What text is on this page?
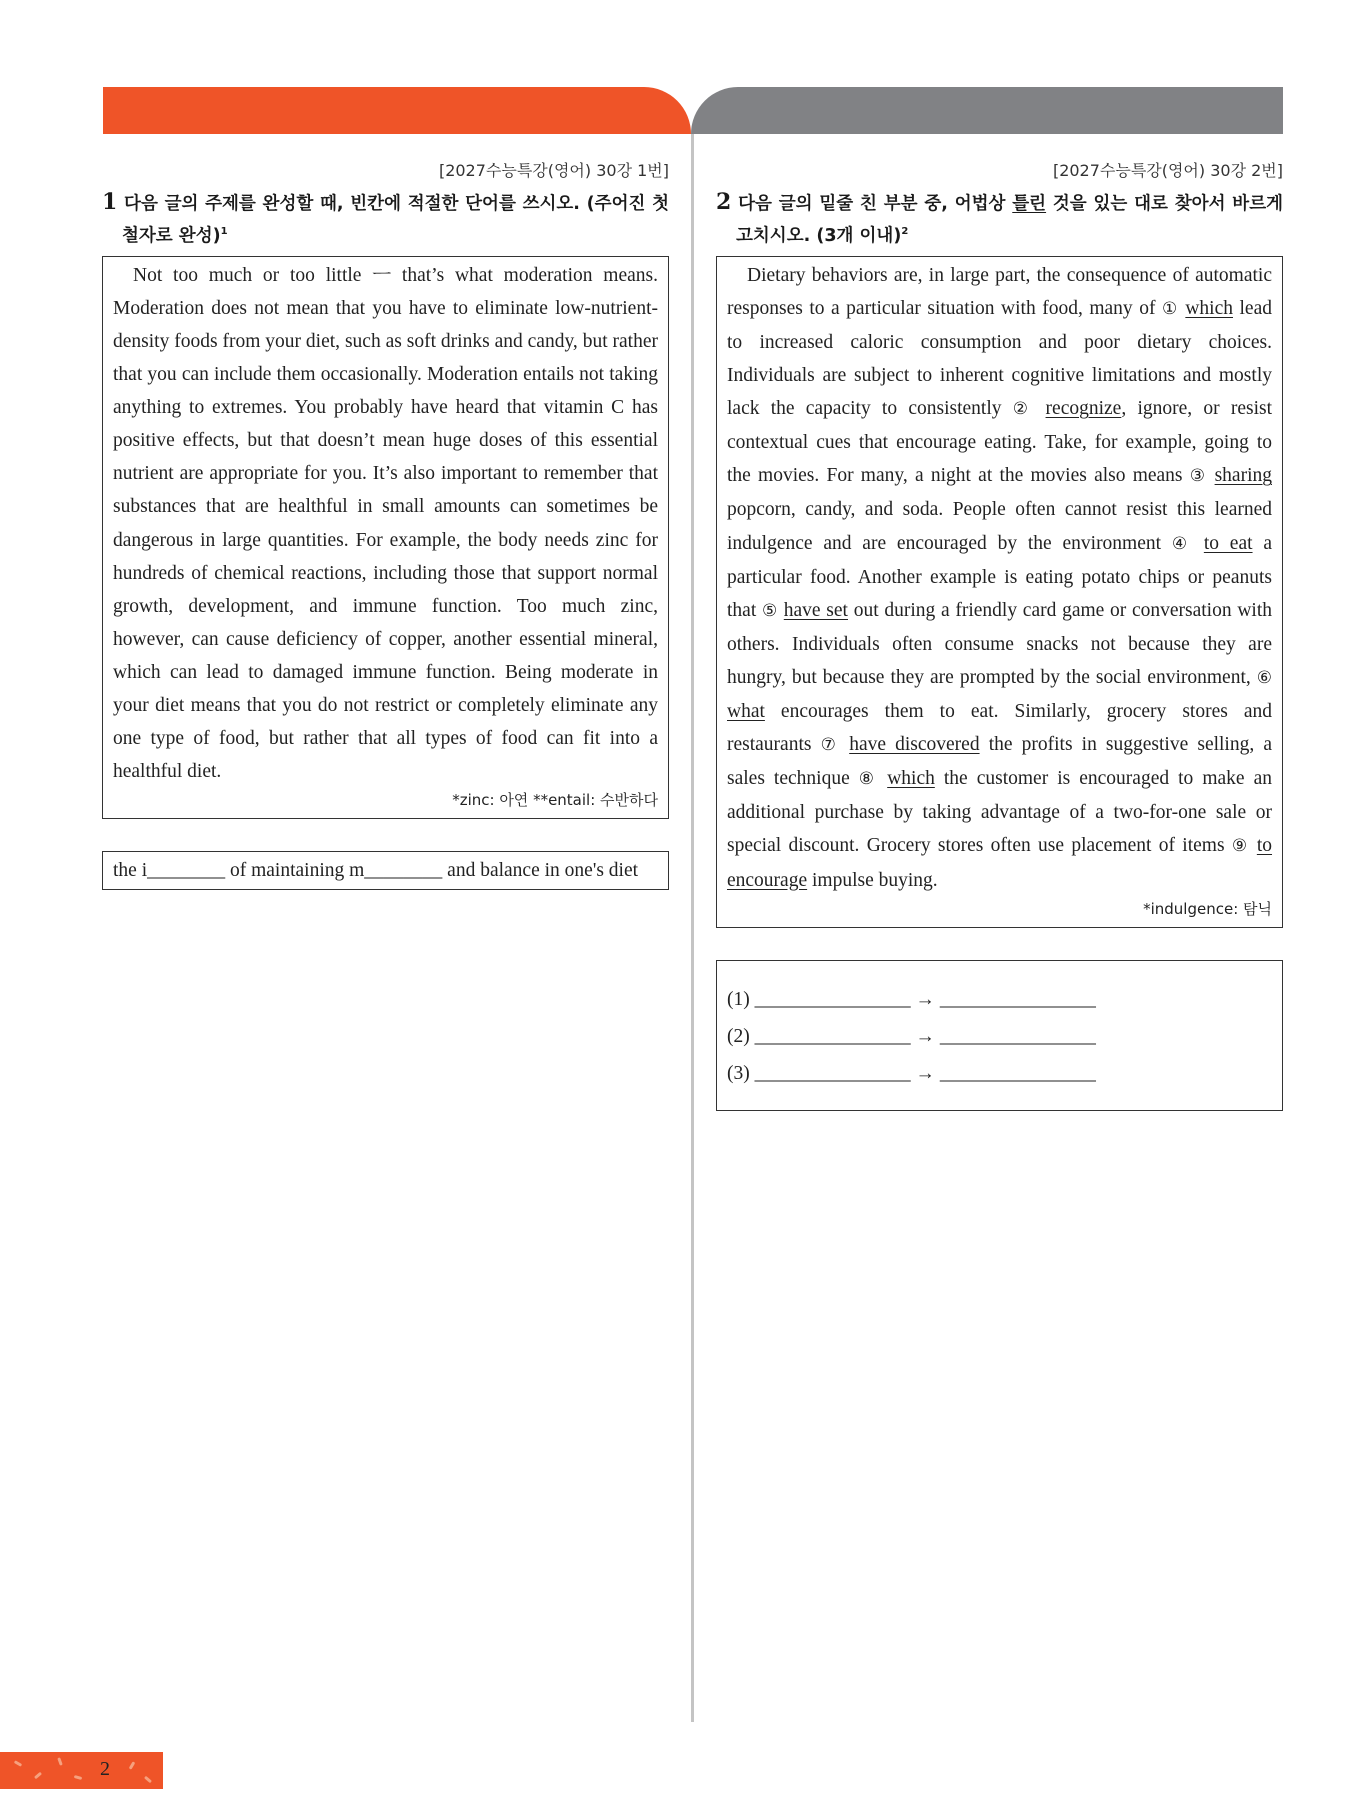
[2027수능특강(영어) 30강 1번]
1 다음 글의 주제를 완성할 때, 빈칸에 적절한 단어를 쓰시오. (주어진 첫 철자로 완성)$^1$
Not too much or too little ㅡ that’s what moderation means. Moderation does not mean that you have to eliminate low-nutrient-density foods from your diet, such as soft drinks and candy, but rather that you can include them occasionally. Moderation entails not taking anything to extremes. You probably have heard that vitamin C has positive effects, but that doesn’t mean huge doses of this essential nutrient are appropriate for you. It’s also important to remember that substances that are healthful in small amounts can sometimes be dangerous in large quantities. For example, the body needs zinc for hundreds of chemical reactions, including those that support normal growth, development, and immune function. Too much zinc, however, can cause deficiency of copper, another essential mineral, which can lead to damaged immune function. Being moderate in your diet means that you do not restrict or completely eliminate any one type of food, but rather that all types of food can fit into a healthful diet.
*zinc: 아연 **entail: 수반하다
the i________ of maintaining m________ and balance in one's diet
[2027수능특강(영어) 30강 2번]
2 다음 글의 밑줄 친 부분 중, 어법상 틀린 것을 있는 대로 찾아서 바르게 고치시오. (3개 이내)$^2$
Dietary behaviors are, in large part, the consequence of automatic responses to a particular situation with food, many of ① which lead to increased caloric consumption and poor dietary choices. Individuals are subject to inherent cognitive limitations and mostly lack the capacity to consistently ② recognize, ignore, or resist contextual cues that encourage eating. Take, for example, going to the movies. For many, a night at the movies also means ③ sharing popcorn, candy, and soda. People often cannot resist this learned indulgence and are encouraged by the environment ④ to eat a particular food. Another example is eating potato chips or peanuts that ⑤ have set out during a friendly card game or conversation with others. Individuals often consume snacks not because they are hungry, but because they are prompted by the social environment, ⑥ what encourages them to eat. Similarly, grocery stores and restaurants ⑦ have discovered the profits in suggestive selling, a sales technique ⑧ which the customer is encouraged to make an additional purchase by taking advantage of a two-for-one sale or special discount. Grocery stores often use placement of items ⑨ to encourage impulse buying.
*indulgence: 탐닉
(1) ________________ → ________________
(2) ________________ → ________________
(3) ________________ → ________________
2
